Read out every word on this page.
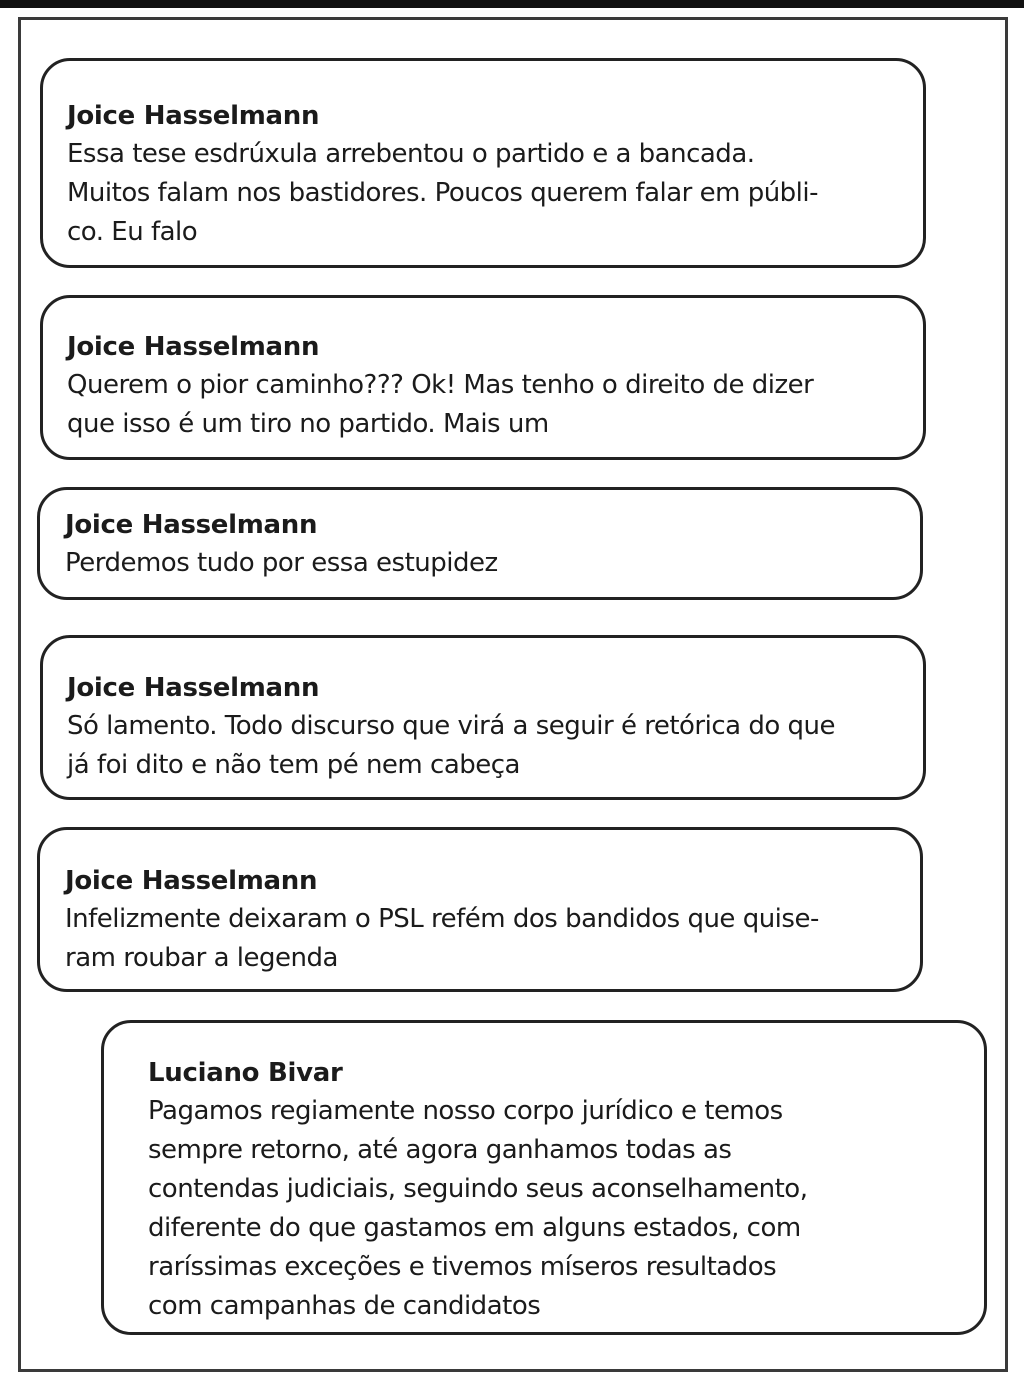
Joice Hasselmann
Essa tese esdrúxula arrebentou o partido e a bancada.
Muitos falam nos bastidores. Poucos querem falar em públi-
co. Eu falo
Joice Hasselmann
Querem o pior caminho??? Ok! Mas tenho o direito de dizer
que isso é um tiro no partido. Mais um
Joice Hasselmann
Perdemos tudo por essa estupidez
Joice Hasselmann
Só lamento. Todo discurso que virá a seguir é retórica do que
já foi dito e não tem pé nem cabeça
Joice Hasselmann
Infelizmente deixaram o PSL refém dos bandidos que quise-
ram roubar a legenda
Luciano Bivar
Pagamos regiamente nosso corpo jurídico e temos
sempre retorno, até agora ganhamos todas as
contendas judiciais, seguindo seus aconselhamento,
diferente do que gastamos em alguns estados, com
raríssimas exceções e tivemos míseros resultados
com campanhas de candidatos
